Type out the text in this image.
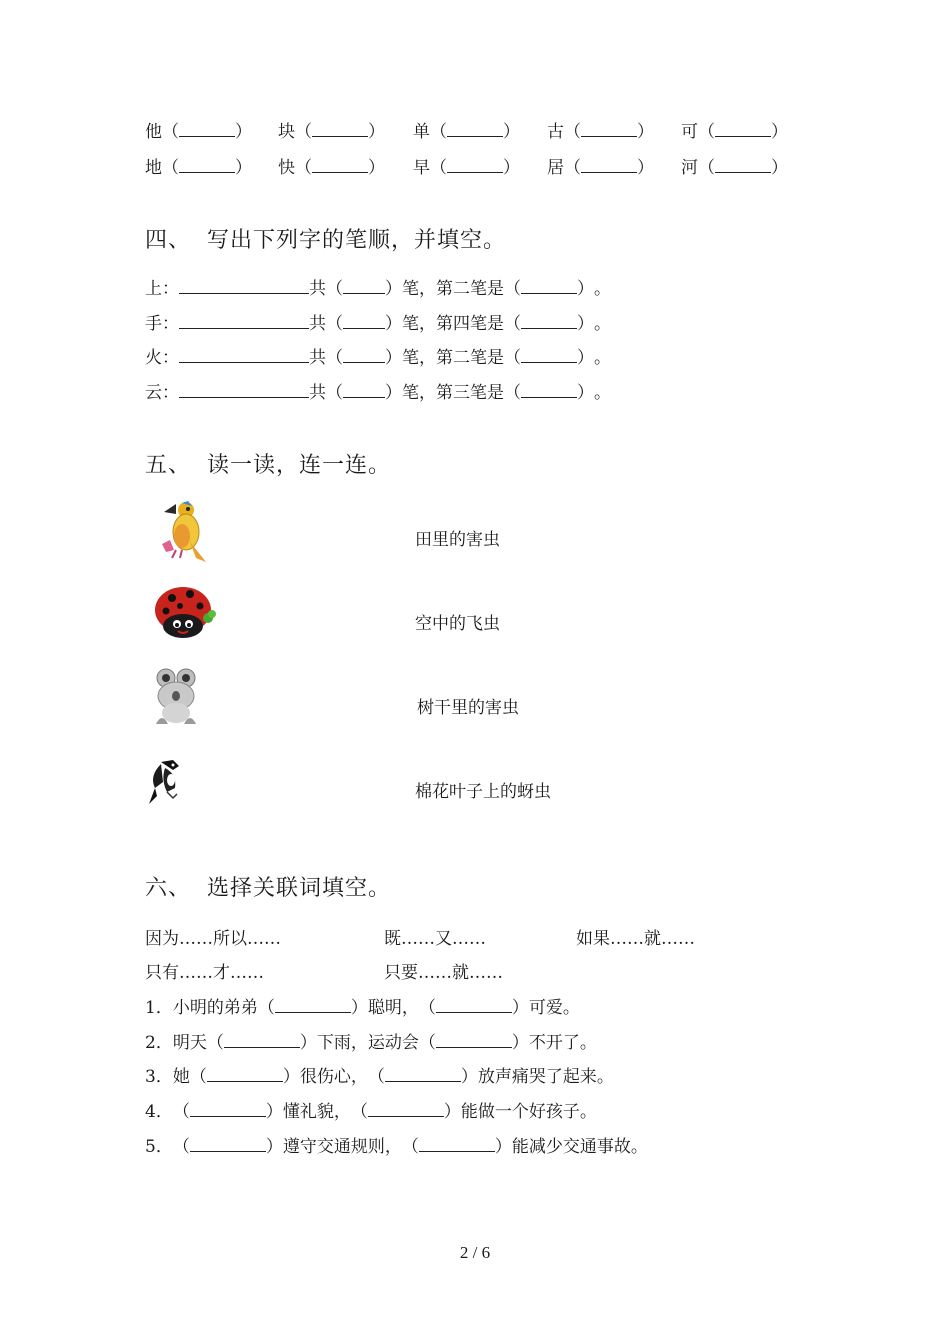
他（	） 块（	） 单（	） 古（	） 可（	）
地（	） 快（	） 早（	） 居（	） 河（	）
四、 写出下列字的笔顺，并填空。
上：	共（ ）笔，第二笔是（	）。
手：	共（ ）笔，第四笔是（	）。
火：	共（ ）笔，第二笔是（	）。
云：	共（ ）笔，第三笔是（	）。
五、 读一读，连一连。
田里的害虫
空中的飞虫
树干里的害虫
棉花叶子上的蚜虫
六、 选择关联词填空。
因为……所以……	既……又……	如果……就……
只有……才……	只要……就……
1．小明的弟弟（	）聪明，（	）可爱。
2．明天（	）下雨，运动会（	）不开了。
3．她（	）很伤心，（	）放声痛哭了起来。
4．（	）懂礼貌，（	）能做一个好孩子。
5．（	）遵守交通规则，（	）能减少交通事故。
2 / 6
